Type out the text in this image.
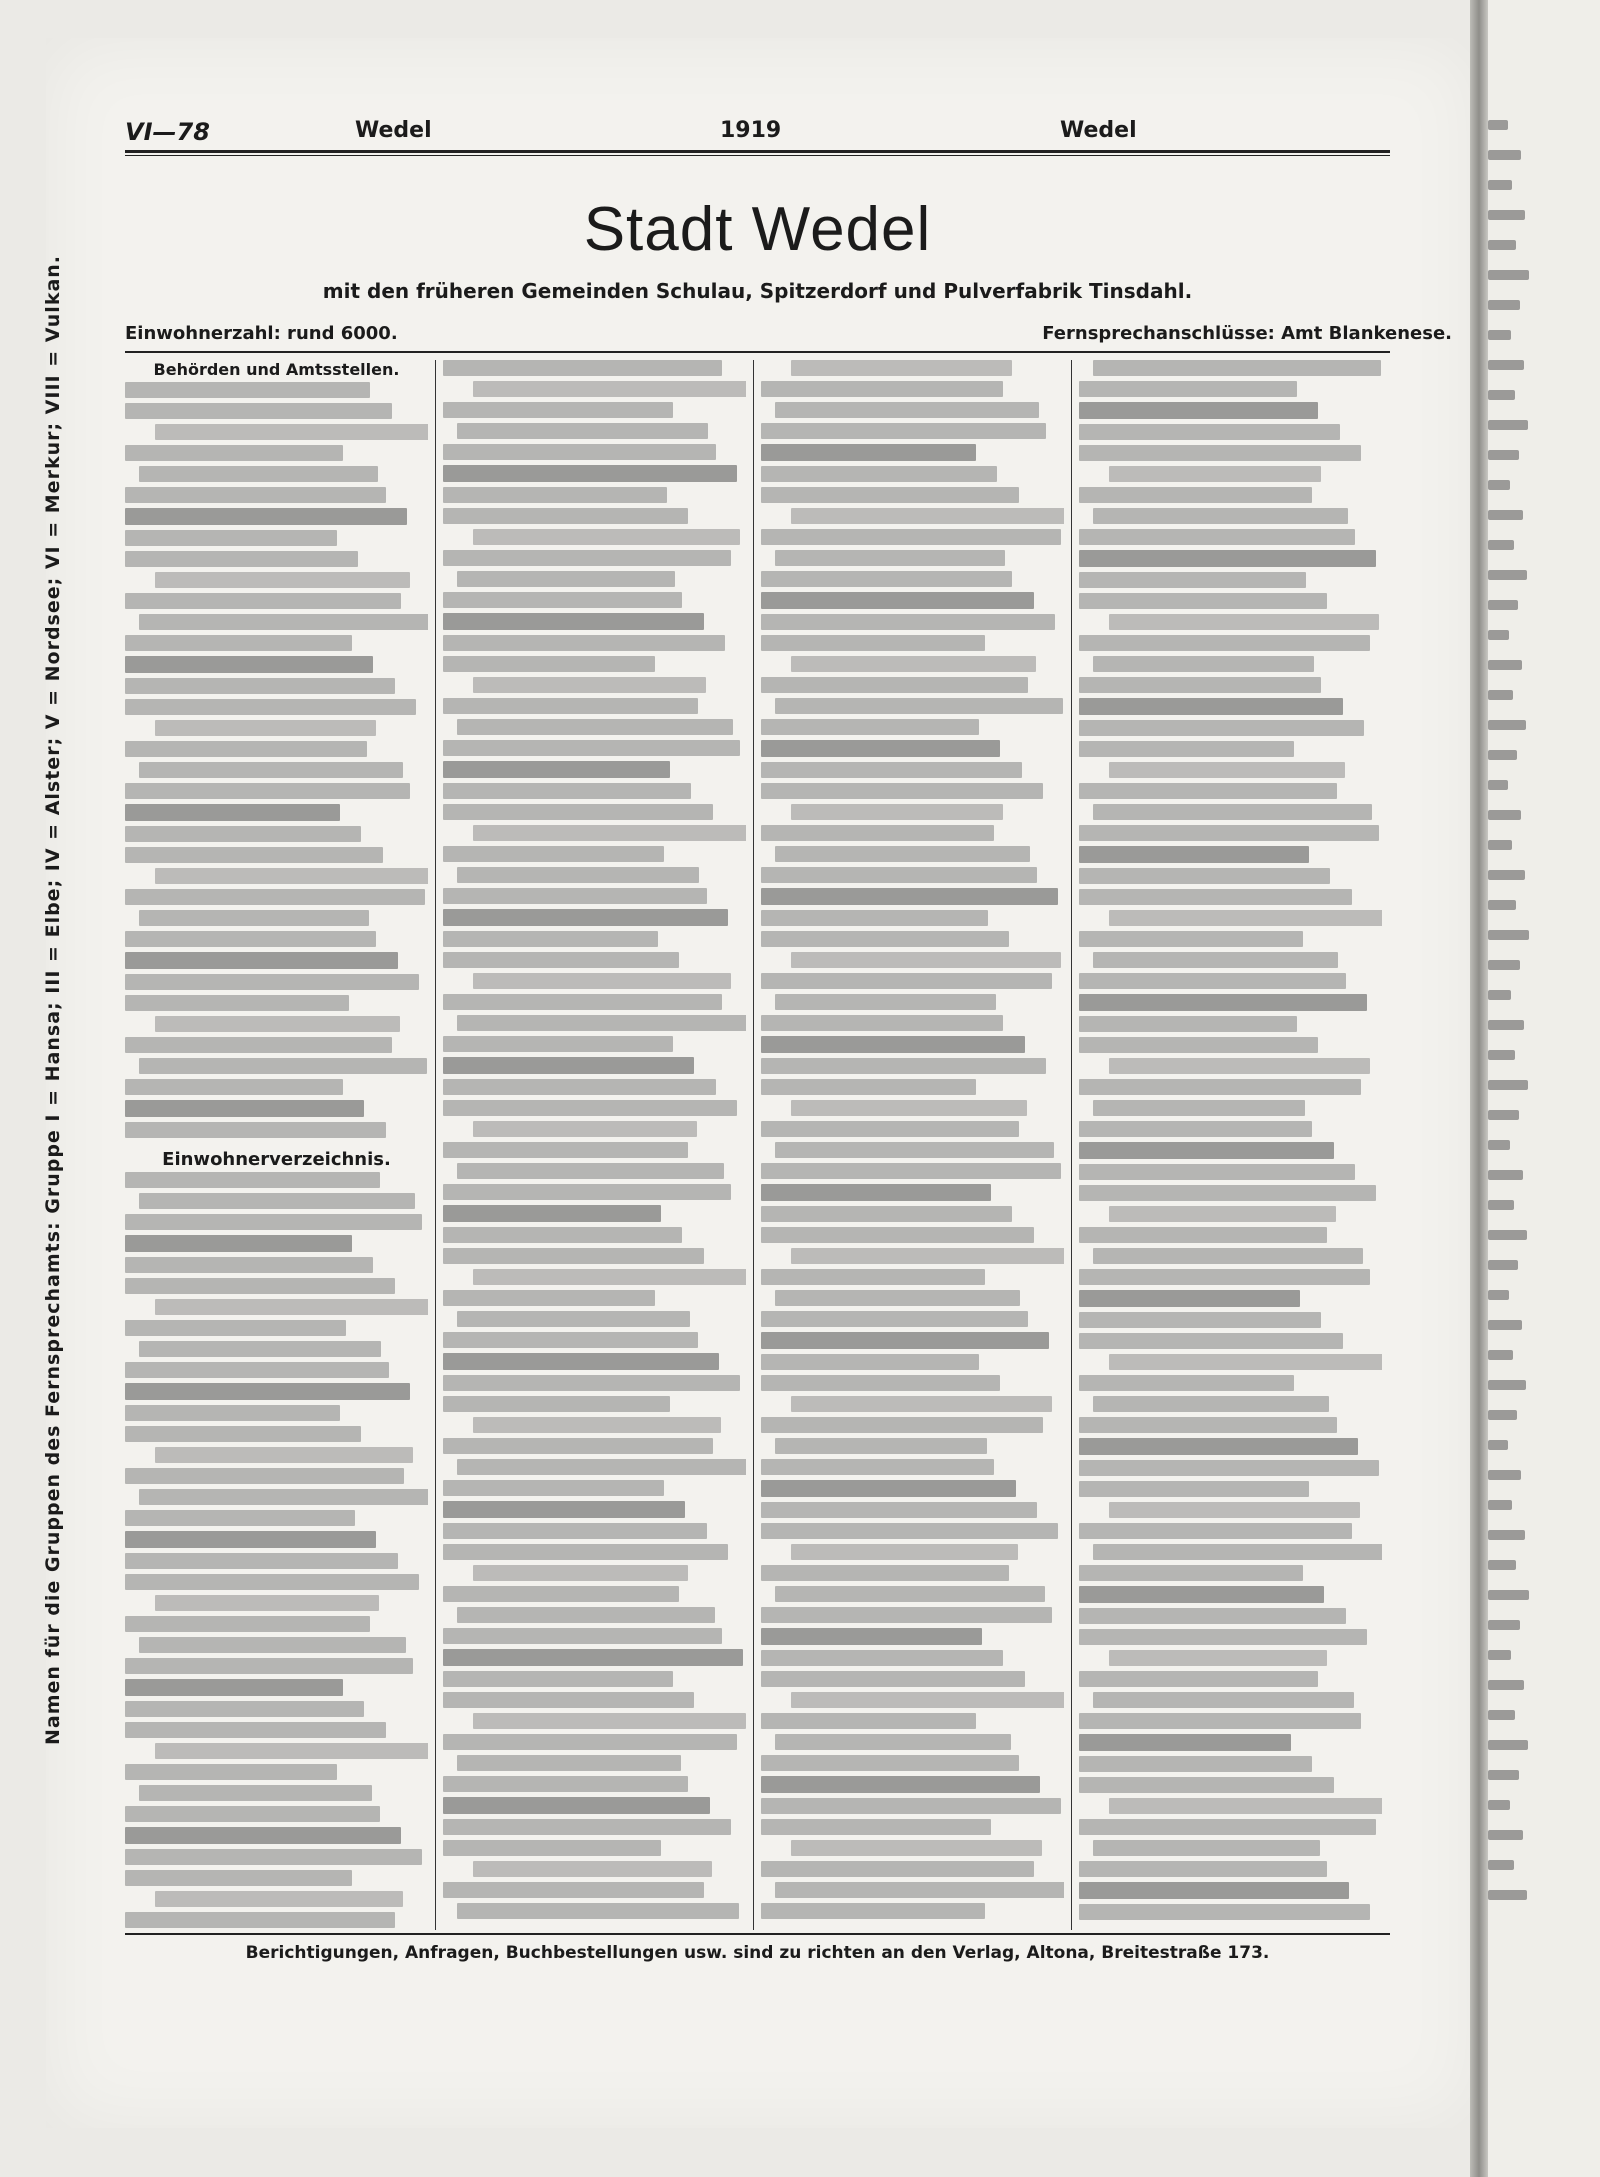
Namen für die Gruppen des Fernsprechamts: Gruppe I = Hansa; III = Elbe; IV = Alster; V = Nordsee; VI = Merkur; VIII = Vulkan.
VI—78	Wedel	1919	Wedel
Stadt Wedel
mit den früheren Gemeinden Schulau, Spitzerdorf und Pulverfabrik Tinsdahl.
Einwohnerzahl: rund 6000.	Fernsprechanschlüsse: Amt Blankenese.
Behörden und Amtsstellen.
Einwohnerverzeichnis.
Berichtigungen, Anfragen, Buchbestellungen usw. sind zu richten an den Verlag, Altona, Breitestraße 173.
